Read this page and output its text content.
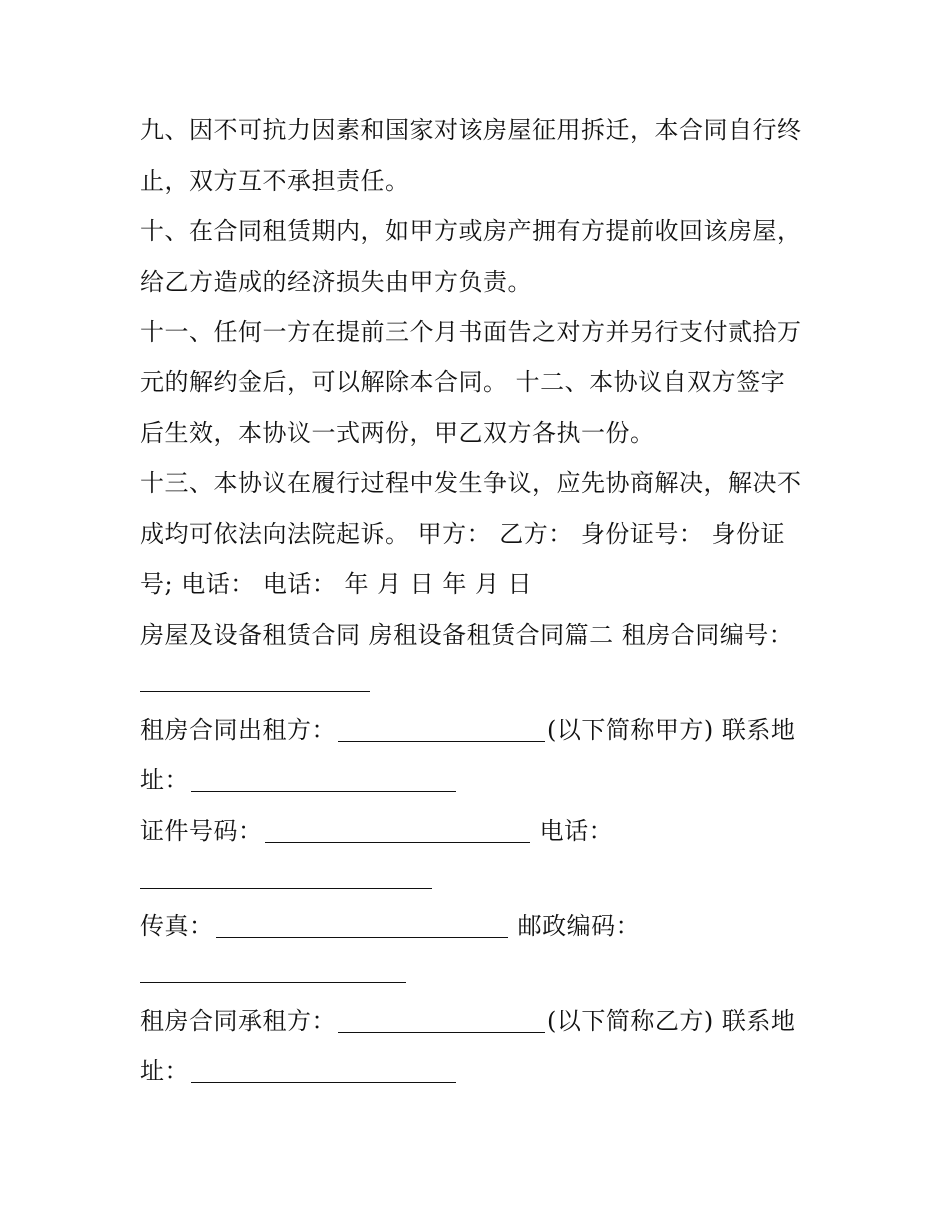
九、因不可抗力因素和国家对该房屋征用拆迁，本合同自行终
止，双方互不承担责任。
十、在合同租赁期内，如甲方或房产拥有方提前收回该房屋，
给乙方造成的经济损失由甲方负责。
十一、任何一方在提前三个月书面告之对方并另行支付贰拾万
元的解约金后，可以解除本合同。 十二、本协议自双方签字
后生效，本协议一式两份，甲乙双方各执一份。
十三、本协议在履行过程中发生争议，应先协商解决，解决不
成均可依法向法院起诉。 甲方： 乙方： 身份证号： 身份证
号; 电话： 电话： 年 月 日 年 月 日
房屋及设备租赁合同 房租设备租赁合同篇二 租房合同编号：
租房合同出租方：	(以下简称甲方) 联系地
址：
证件号码：	电话：
传真：	邮政编码：
租房合同承租方：	(以下简称乙方) 联系地
址：
